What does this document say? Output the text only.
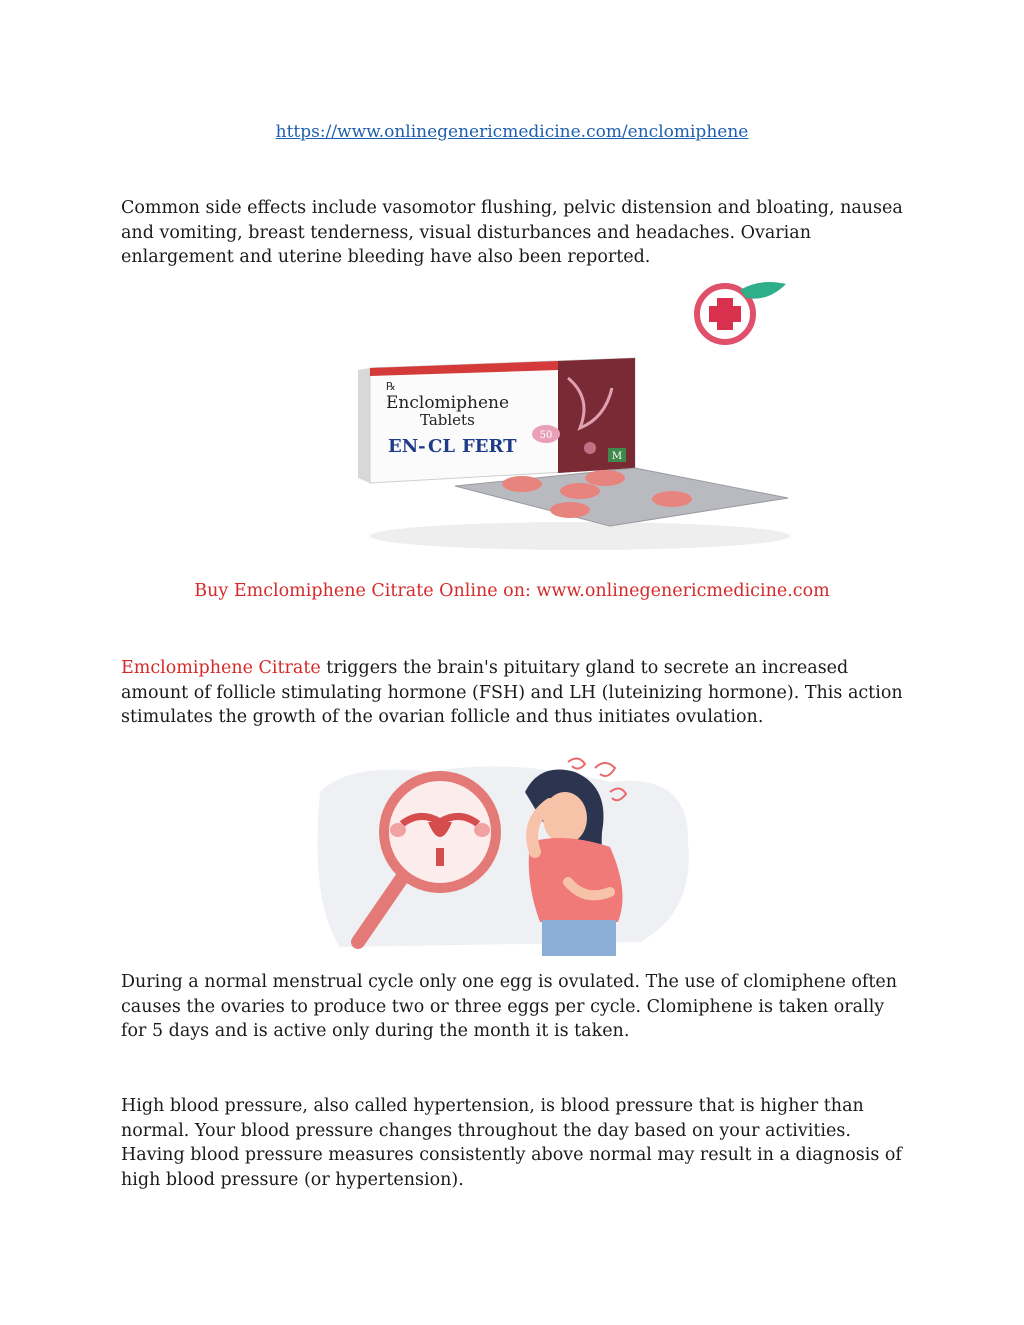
https://www.onlinegenericmedicine.com/enclomiphene
Common side effects include vasomotor flushing, pelvic distension and bloating, nausea and vomiting, breast tenderness, visual disturbances and headaches. Ovarian enlargement and uterine bleeding have also been reported.
M
℞
Enclomiphene
Tablets
EN- CL FERT
50
Buy Emclomiphene Citrate Online on: www.onlinegenericmedicine.com
Emclomiphene Citrate triggers the brain's pituitary gland to secrete an increased amount of follicle stimulating hormone (FSH) and LH (luteinizing hormone). This action stimulates the growth of the ovarian follicle and thus initiates ovulation.
During a normal menstrual cycle only one egg is ovulated. The use of clomiphene often causes the ovaries to produce two or three eggs per cycle. Clomiphene is taken orally for 5 days and is active only during the month it is taken.
High blood pressure, also called hypertension, is blood pressure that is higher than normal. Your blood pressure changes throughout the day based on your activities. Having blood pressure measures consistently above normal may result in a diagnosis of high blood pressure (or hypertension).
